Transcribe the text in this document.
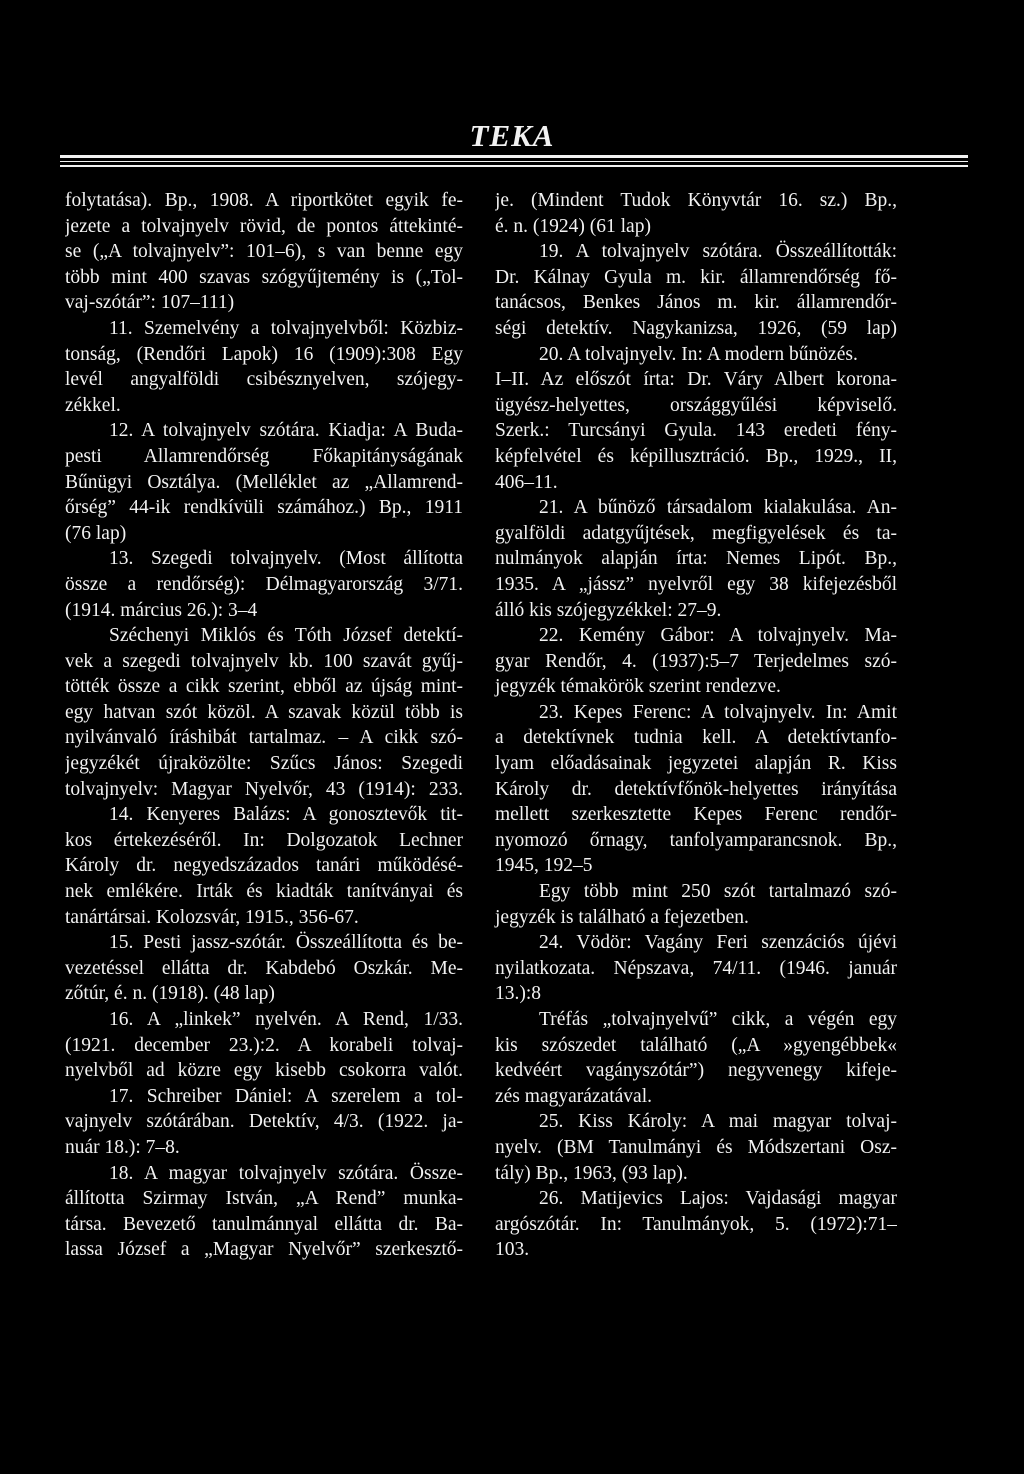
TEKA
folytatása). Bp., 1908. A riportkötet egyik fe-
jezete a tolvajnyelv rövid, de pontos áttekinté-
se („A tolvajnyelv”: 101–6), s van benne egy
több mint 400 szavas szógyűjtemény is („Tol-
vaj-szótár”: 107–111)
11. Szemelvény a tolvajnyelvből: Közbiz-
tonság, (Rendőri Lapok) 16 (1909):308 Egy
levél angyalföldi csibésznyelven, szójegy-
zékkel.
12. A tolvajnyelv szótára. Kiadja: A Buda-
pesti Allamrendőrség Főkapitányságának
Bűnügyi Osztálya. (Melléklet az „Allamrend-
őrség” 44-ik rendkívüli számához.) Bp., 1911
(76 lap)
13. Szegedi tolvajnyelv. (Most állította
össze a rendőrség): Délmagyarország 3/71.
(1914. március 26.): 3–4
Széchenyi Miklós és Tóth József detektí-
vek a szegedi tolvajnyelv kb. 100 szavát gyűj-
tötték össze a cikk szerint, ebből az újság mint-
egy hatvan szót közöl. A szavak közül több is
nyilvánvaló íráshibát tartalmaz. – A cikk szó-
jegyzékét újraközölte: Szűcs János: Szegedi
tolvajnyelv: Magyar Nyelvőr, 43 (1914): 233.
14. Kenyeres Balázs: A gonosztevők tit-
kos értekezéséről. In: Dolgozatok Lechner
Károly dr. negyedszázados tanári működésé-
nek emlékére. Irták és kiadták tanítványai és
tanártársai. Kolozsvár, 1915., 356-67.
15. Pesti jassz-szótár. Összeállította és be-
vezetéssel ellátta dr. Kabdebó Oszkár. Me-
zőtúr, é. n. (1918). (48 lap)
16. A „linkek” nyelvén. A Rend, 1/33.
(1921. december 23.):2. A korabeli tolvaj-
nyelvből ad közre egy kisebb csokorra valót.
17. Schreiber Dániel: A szerelem a tol-
vajnyelv szótárában. Detektív, 4/3. (1922. ja-
nuár 18.): 7–8.
18. A magyar tolvajnyelv szótára. Össze-
állította Szirmay István, „A Rend” munka-
társa. Bevezető tanulmánnyal ellátta dr. Ba-
lassa József a „Magyar Nyelvőr” szerkesztő-
je. (Mindent Tudok Könyvtár 16. sz.) Bp.,
é. n. (1924) (61 lap)
19. A tolvajnyelv szótára. Összeállították:
Dr. Kálnay Gyula m. kir. államrendőrség fő-
tanácsos, Benkes János m. kir. államrendőr-
ségi detektív. Nagykanizsa, 1926, (59 lap)
20. A tolvajnyelv. In: A modern bűnözés.
I–II. Az előszót írta: Dr. Váry Albert korona-
ügyész-helyettes, országgyűlési képviselő.
Szerk.: Turcsányi Gyula. 143 eredeti fény-
képfelvétel és képillusztráció. Bp., 1929., II,
406–11.
21. A bűnöző társadalom kialakulása. An-
gyalföldi adatgyűjtések, megfigyelések és ta-
nulmányok alapján írta: Nemes Lipót. Bp.,
1935. A „jássz” nyelvről egy 38 kifejezésből
álló kis szójegyzékkel: 27–9.
22. Kemény Gábor: A tolvajnyelv. Ma-
gyar Rendőr, 4. (1937):5–7 Terjedelmes szó-
jegyzék témakörök szerint rendezve.
23. Kepes Ferenc: A tolvajnyelv. In: Amit
a detektívnek tudnia kell. A detektívtanfo-
lyam előadásainak jegyzetei alapján R. Kiss
Károly dr. detektívfőnök-helyettes irányítása
mellett szerkesztette Kepes Ferenc rendőr-
nyomozó őrnagy, tanfolyamparancsnok. Bp.,
1945, 192–5
Egy több mint 250 szót tartalmazó szó-
jegyzék is található a fejezetben.
24. Vödör: Vagány Feri szenzációs újévi
nyilatkozata. Népszava, 74/11. (1946. január
13.):8
Tréfás „tolvajnyelvű” cikk, a végén egy
kis szószedet található („A »gyengébbek«
kedvéért vagányszótár”) negyvenegy kifeje-
zés magyarázatával.
25. Kiss Károly: A mai magyar tolvaj-
nyelv. (BM Tanulmányi és Módszertani Osz-
tály) Bp., 1963, (93 lap).
26. Matijevics Lajos: Vajdasági magyar
argószótár. In: Tanulmányok, 5. (1972):71–
103.
